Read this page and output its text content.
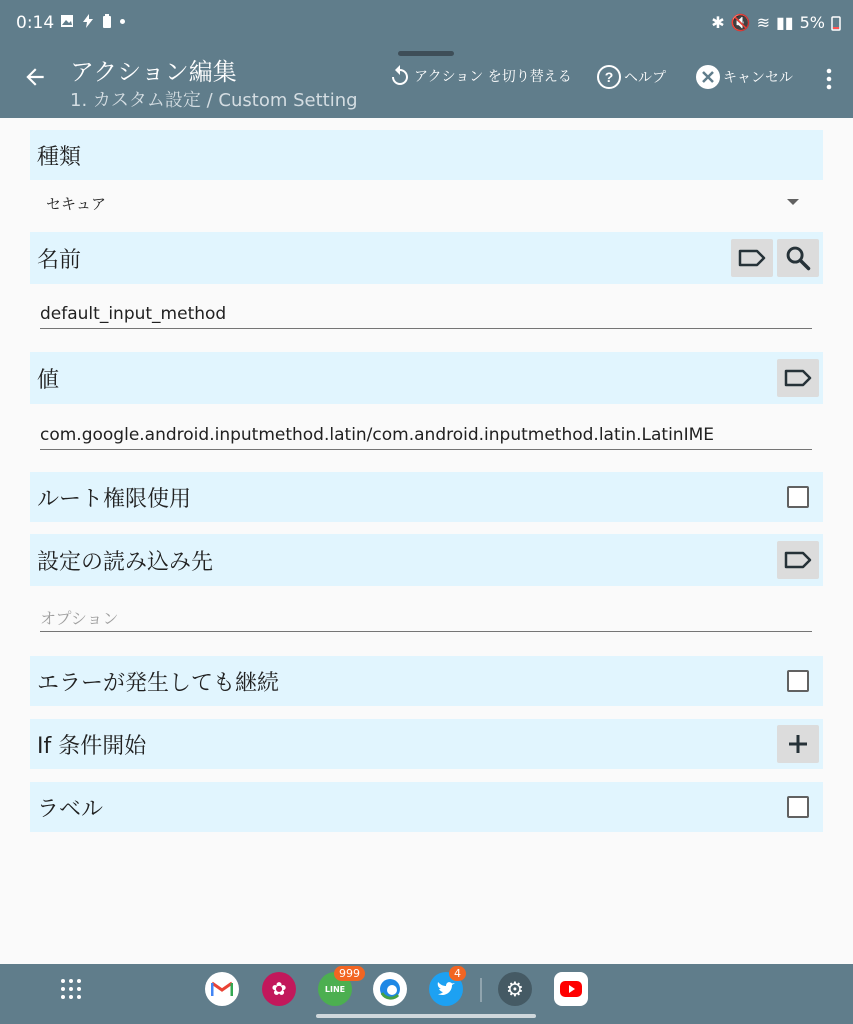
0:14	✱ 🔇 ≋ ▮▮ 5%
アクション編集
1. カスタム設定 / Custom Setting
アクション を切り替える ? ヘルプ	キャンセル
種類
セキュア
名前
default_input_method
値
com.google.android.inputmethod.latin/com.android.inputmethod.latin.LatinIME
ルート権限使用
設定の読み込み先
オプション
エラーが発生しても継続
If 条件開始
ラベル
✿	LINE
999	4
⚙
